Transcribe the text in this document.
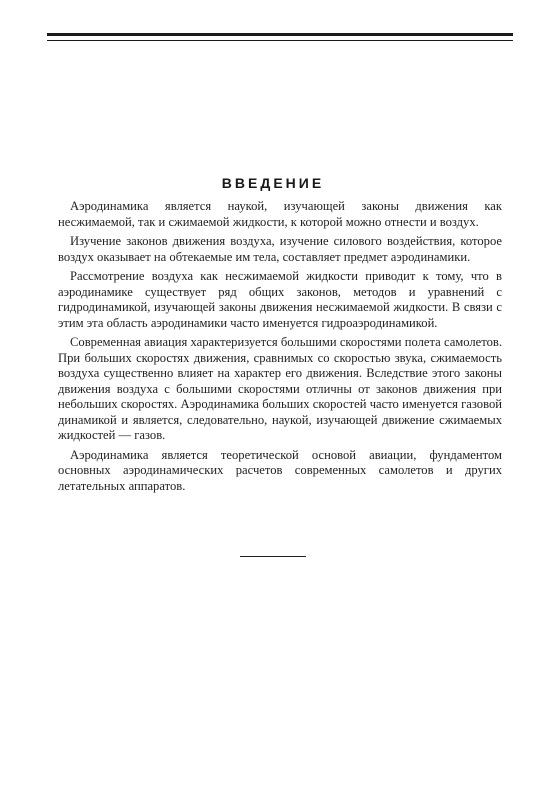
ВВЕДЕНИЕ

Аэродинамика является наукой, изучающей законы движения как несжимаемой, так и сжимаемой жидкости, к которой можно отнести и воздух.

Изучение законов движения воздуха, изучение силового воздействия, которое воздух оказывает на обтекаемые им тела, составляет предмет аэродинамики.

Рассмотрение воздуха как несжимаемой жидкости приводит к тому, что в аэродинамике существует ряд общих законов, методов и уравнений с гидродинамикой, изучающей законы движения несжимаемой жидкости. В связи с этим эта область аэродинамики часто именуется гидроаэродинамикой.

Современная авиация характеризуется большими скоростями полета самолетов. При больших скоростях движения, сравнимых со скоростью звука, сжимаемость воздуха существенно влияет на характер его движения. Вследствие этого законы движения воздуха с большими скоростями отличны от законов движения при небольших скоростях. Аэродинамика больших скоростей часто именуется газовой динамикой и является, следовательно, наукой, изучающей движение сжимаемых жидкостей — газов.

Аэродинамика является теоретической основой авиации, фундаментом основных аэродинамических расчетов современных самолетов и других летательных аппаратов.
